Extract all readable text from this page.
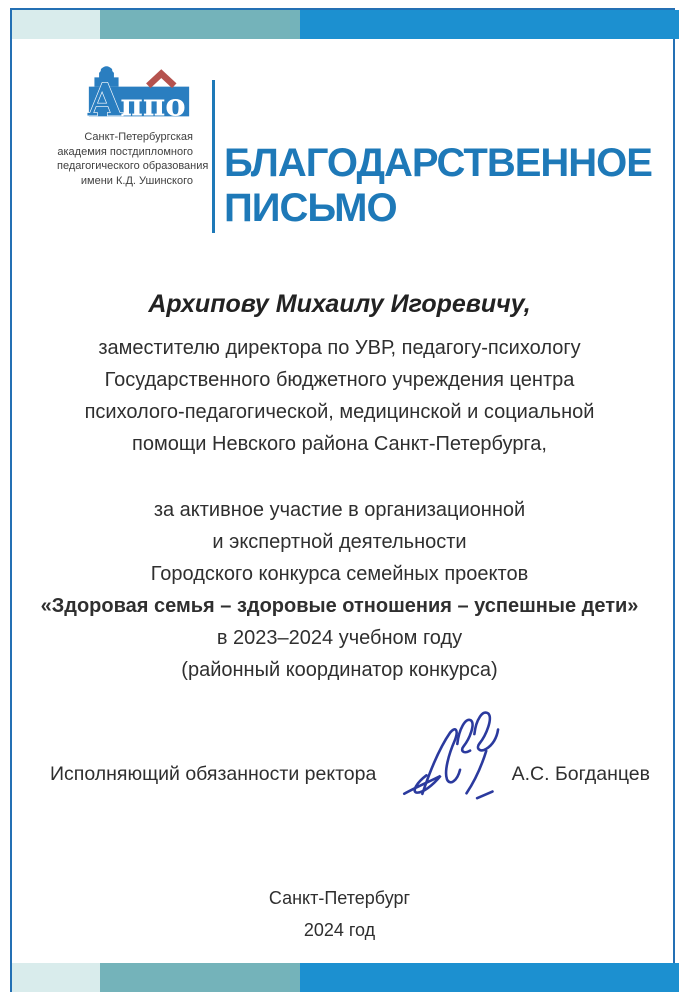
А
ппо
Санкт-Петербургская
академия постдипломного
педагогического образования
имени К.Д. Ушинского БЛАГОДАРСТВЕННОЕ
ПИСЬМО
Архипову Михаилу Игоревичу,
заместителю директора по УВР, педагогу-психологу
Государственного бюджетного учреждения центра
психолого-педагогической, медицинской и социальной
помощи Невского района Санкт-Петербурга,
за активное участие в организационной
и экспертной деятельности
Городского конкурса семейных проектов
«Здоровая семья – здоровые отношения – успешные дети»
в 2023–2024 учебном году
(районный координатор конкурса)
Исполняющий обязанности ректора	А.С. Богданцев
Санкт-Петербург
2024 год
